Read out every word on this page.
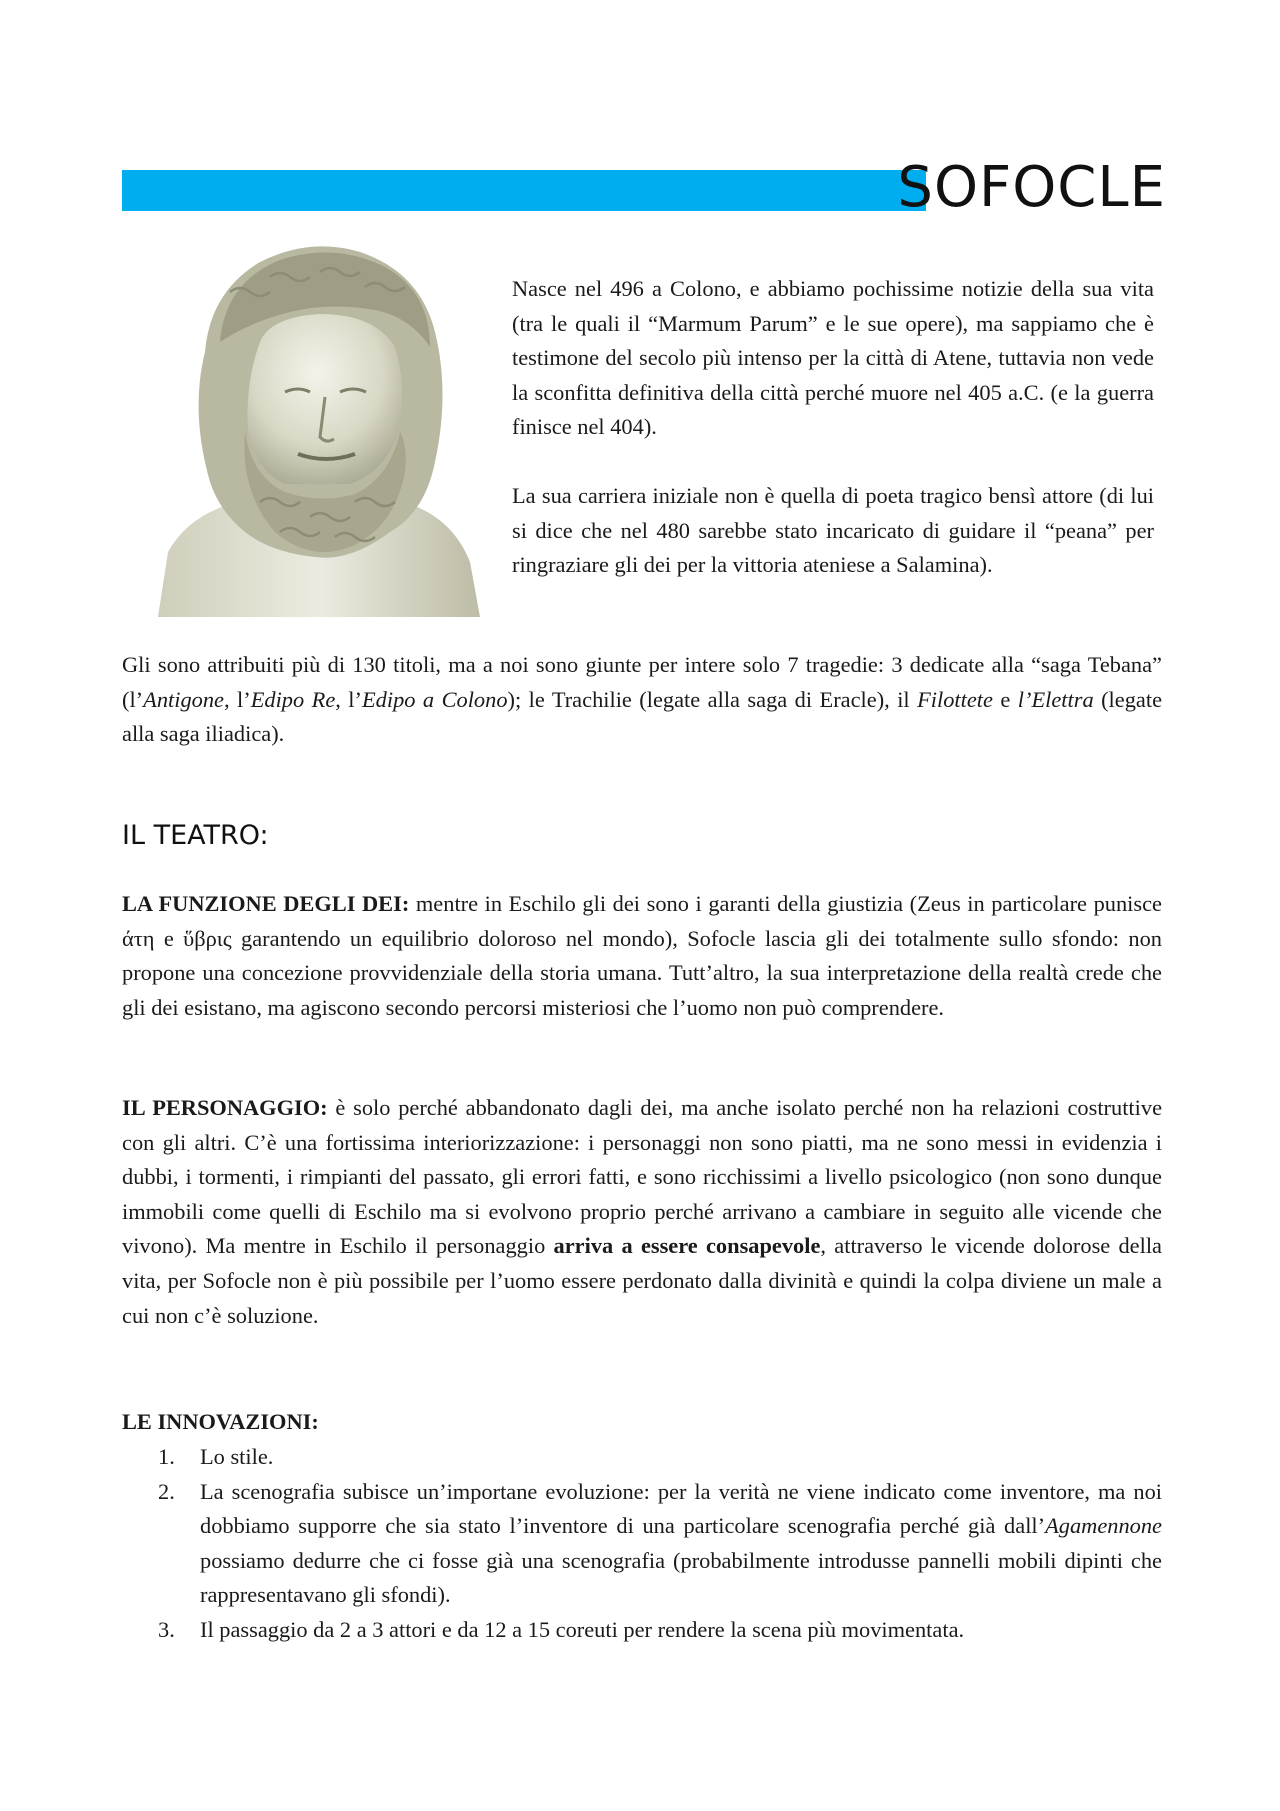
SOFOCLE
Nasce nel 496 a Colono, e abbiamo pochissime notizie della sua vita (tra le quali il “Marmum Parum” e le sue opere), ma sappiamo che è testimone del secolo più intenso per la città di Atene, tuttavia non vede la sconfitta definitiva della città perché muore nel 405 a.C. (e la guerra finisce nel 404).
La sua carriera iniziale non è quella di poeta tragico bensì attore (di lui si dice che nel 480 sarebbe stato incaricato di guidare il “peana” per ringraziare gli dei per la vittoria ateniese a Salamina).
Gli sono attribuiti più di 130 titoli, ma a noi sono giunte per intere solo 7 tragedie: 3 dedicate alla “saga Tebana” (l’Antigone, l’Edipo Re, l’Edipo a Colono); le Trachilie (legate alla saga di Eracle), il Filottete e l’Elettra (legate alla saga iliadica).
IL TEATRO:
LA FUNZIONE DEGLI DEI: mentre in Eschilo gli dei sono i garanti della giustizia (Zeus in particolare punisce άτη e ὕβρις garantendo un equilibrio doloroso nel mondo), Sofocle lascia gli dei totalmente sullo sfondo: non propone una concezione provvidenziale della storia umana. Tutt’altro, la sua interpretazione della realtà crede che gli dei esistano, ma agiscono secondo percorsi misteriosi che l’uomo non può comprendere.
IL PERSONAGGIO: è solo perché abbandonato dagli dei, ma anche isolato perché non ha relazioni costruttive con gli altri. C’è una fortissima interiorizzazione: i personaggi non sono piatti, ma ne sono messi in evidenzia i dubbi, i tormenti, i rimpianti del passato, gli errori fatti, e sono ricchissimi a livello psicologico (non sono dunque immobili come quelli di Eschilo ma si evolvono proprio perché arrivano a cambiare in seguito alle vicende che vivono). Ma mentre in Eschilo il personaggio arriva a essere consapevole, attraverso le vicende dolorose della vita, per Sofocle non è più possibile per l’uomo essere perdonato dalla divinità e quindi la colpa diviene un male a cui non c’è soluzione.
LE INNOVAZIONI:
1. Lo stile.
2. La scenografia subisce un’importane evoluzione: per la verità ne viene indicato come inventore, ma noi dobbiamo supporre che sia stato l’inventore di una particolare scenografia perché già dall’Agamennone possiamo dedurre che ci fosse già una scenografia (probabilmente introdusse pannelli mobili dipinti che rappresentavano gli sfondi).
3. Il passaggio da 2 a 3 attori e da 12 a 15 coreuti per rendere la scena più movimentata.
